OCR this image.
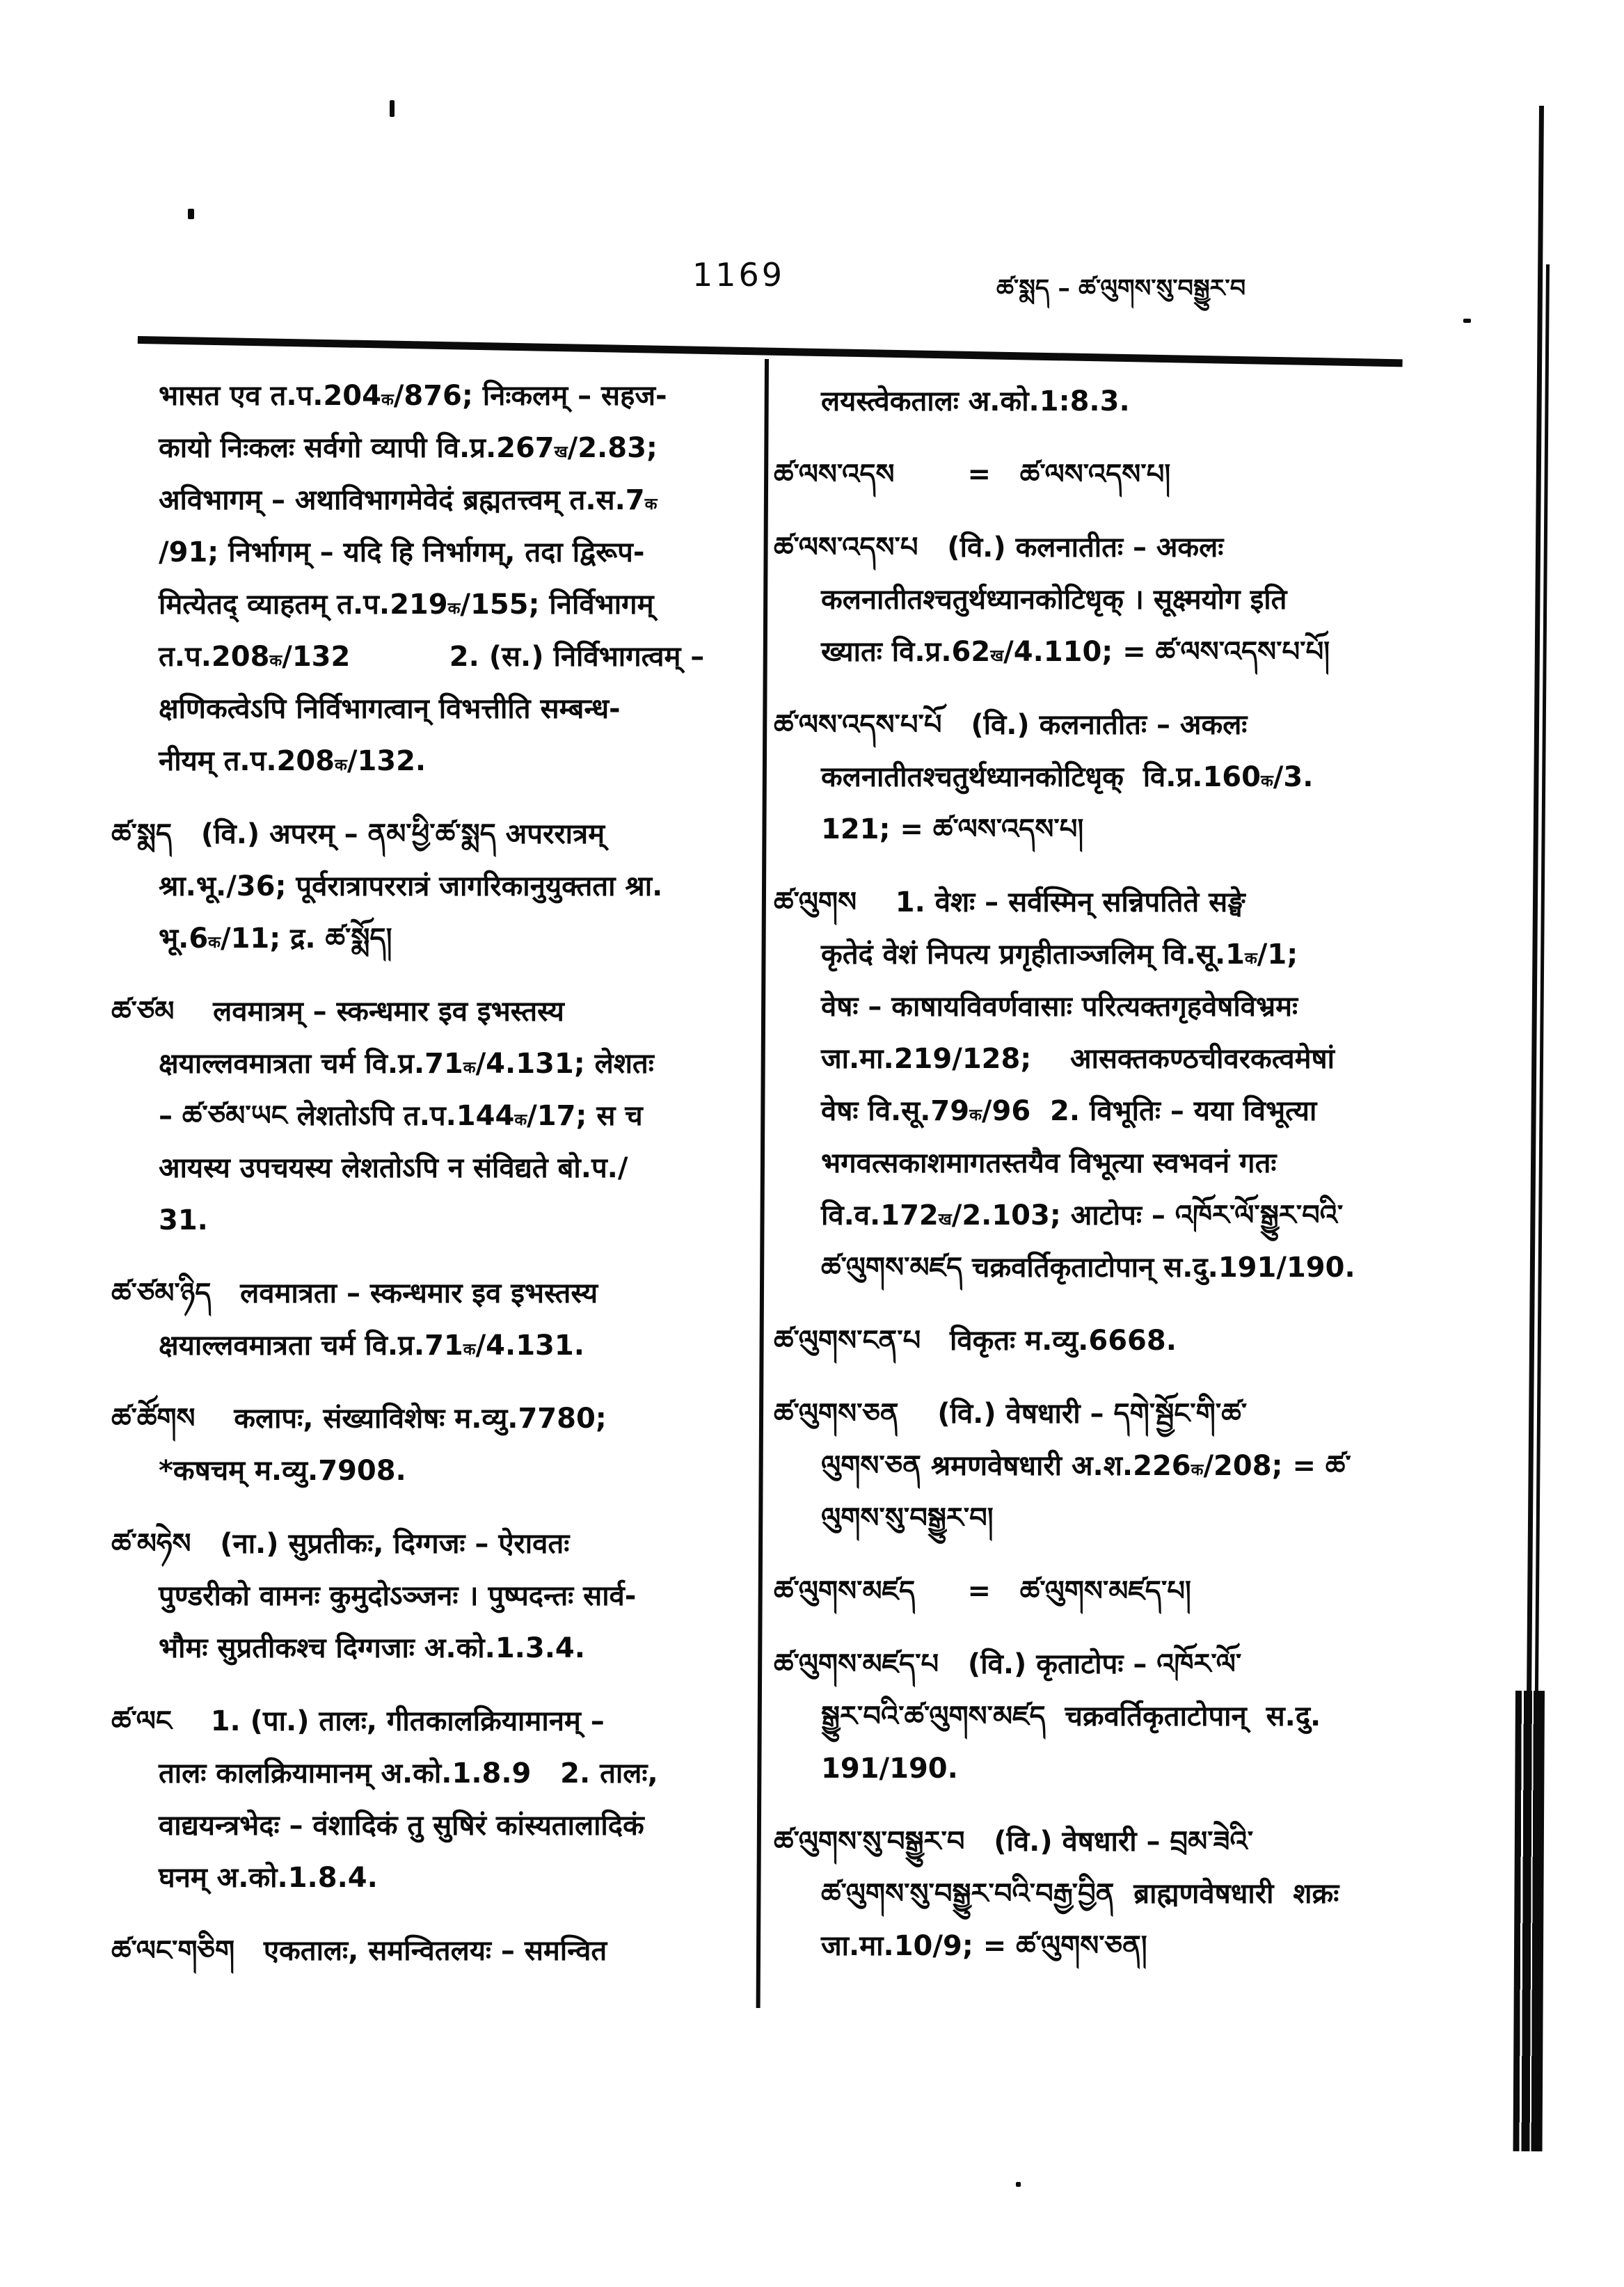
1169	ཚ་སྨད – ཚ་ལུགས་སུ་བསྒྱུར་བ
भासत एव $त.प.204^क/876$; निःकलम् – सहज-
कायो निःकलः सर्वगो व्यापी $वि.प्र.267^ख/2.83$;
अविभागम् – अथाविभागमेवेदं ब्रह्मतत्त्वम् $त.स.7^क$
/91; निर्भागम् – यदि हि निर्भागम्, तदा द्विरूप-
मित्येतद् व्याहतम् $त.प.219^क/155$; निर्विभागम्
$त.प.208^क/132$	2. (स.) निर्विभागत्वम् –
क्षणिकत्वेऽपि निर्विभागत्वान् विभत्तीति सम्बन्ध-
नीयम् $त.प.208^क/132$.
ཚ་སྨད   (वि.) अपरम् – ནམ་ཕྱི་ཚ་སྨད अपररात्रम्
श्रा.भू./36; पूर्वरात्रापररात्रं जागरिकानुयुक्तता श्रा.
$भू.6^क/11$; द्र. ཚ་སྨོད།
ཚ་ཙམ    लवमात्रम् – स्कन्धमार इव इभस्तस्य
क्षयाल्लवमात्रता चर्म $वि.प्र.71^क/4.131$; लेशतः
– ཚ་ཙམ་ཡང लेशतोऽपि $त.प.144^क/17$; स च
आयस्य उपचयस्य लेशतोऽपि न संविद्यते बो.प./
31.
ཚ་ཙམ་ཉིད   लवमात्रता – स्कन्धमार इव इभस्तस्य
क्षयाल्लवमात्रता चर्म $वि.प्र.71^क/4.131$.
ཚ་ཚོགས    कलापः, संख्याविशेषः म.व्यु.7780;
*कषचम् म.व्यु.7908.
ཚ་མཧེས   (ना.) सुप्रतीकः, दिग्गजः – ऐरावतः
पुण्डरीको वामनः कुमुदोऽञ्जनः । पुष्पदन्तः सार्व-
भौमः सुप्रतीकश्च दिग्गजाः अ.को.1.3.4.
ཚ་ལང    1. (पा.) तालः, गीतकालक्रियामानम् –
तालः कालक्रियामानम् अ.को.1.8.9   2. तालः,
वाद्ययन्त्रभेदः – वंशादिकं तु सुषिरं कांस्यतालादिकं
घनम् अ.को.1.8.4.
ཚ་ལང་གཅིག   एकतालः, समन्वितलयः – समन्वित
लयस्त्वेकतालः अ.को.1:8.3.
ཚ་ལས་འདས	=   ཚ་ལས་འདས་པ།
ཚ་ལས་འདས་པ   (वि.) कलनातीतः – अकलः
कलनातीतश्चतुर्थध्यानकोटिधृक् । सूक्ष्मयोग इति
ख्यातः $वि.प्र.62^ख/4.110$; = ཚ་ལས་འདས་པ་པོ།
ཚ་ལས་འདས་པ་པོ   (वि.) कलनातीतः – अकलः
कलनातीतश्चतुर्थध्यानकोटिधृक्  $वि.प्र.160^क/3$.
121; = ཚ་ལས་འདས་པ།
ཚ་ལུགས    1. वेशः – सर्वस्मिन् सन्निपतिते सङ्घे
कृतेदं वेशं निपत्य प्रगृहीताञ्जलिम् $वि.सू.1^क/1$;
वेषः – काषायविवर्णवासाः परित्यक्तगृहवेषविभ्रमः
जा.मा.219/128;    आसक्तकण्ठचीवरकत्वमेषां
वेषः $वि.सू.79^क/96$  2. विभूतिः – यया विभूत्या
भगवत्सकाशमागतस्तयैव विभूत्या स्वभवनं गतः
$वि.व.172^ख/2.103$; आटोपः – འཁོར་ལོ་སྒྱུར་བའི་
ཚ་ལུགས་མཛད चक्रवर्तिकृताटोपान् स.दु.191/190.
ཚ་ལུགས་ངན་པ   विकृतः म.व्यु.6668.
ཚ་ལུགས་ཅན    (वि.) वेषधारी – དགེ་སྦྱོང་གི་ཚ་
ལུགས་ཅན श्रमणवेषधारी $अ.श.226^क/208$; = ཚ་
ལུགས་སུ་བསྒྱུར་བ།
ཚ་ལུགས་མཛད	=   ཚ་ལུགས་མཛད་པ།
ཚ་ལུགས་མཛད་པ   (वि.) कृताटोपः – འཁོར་ལོ་
སྒྱུར་བའི་ཚ་ལུགས་མཛད  चक्रवर्तिकृताटोपान्  स.दु.
191/190.
ཚ་ལུགས་སུ་བསྒྱུར་བ   (वि.) वेषधारी – བྲམ་ཟེའི་
ཚ་ལུགས་སུ་བསྒྱུར་བའི་བརྒྱ་བྱིན  ब्राह्मणवेषधारी  शक्रः
जा.मा.10/9; = ཚ་ལུགས་ཅན།
